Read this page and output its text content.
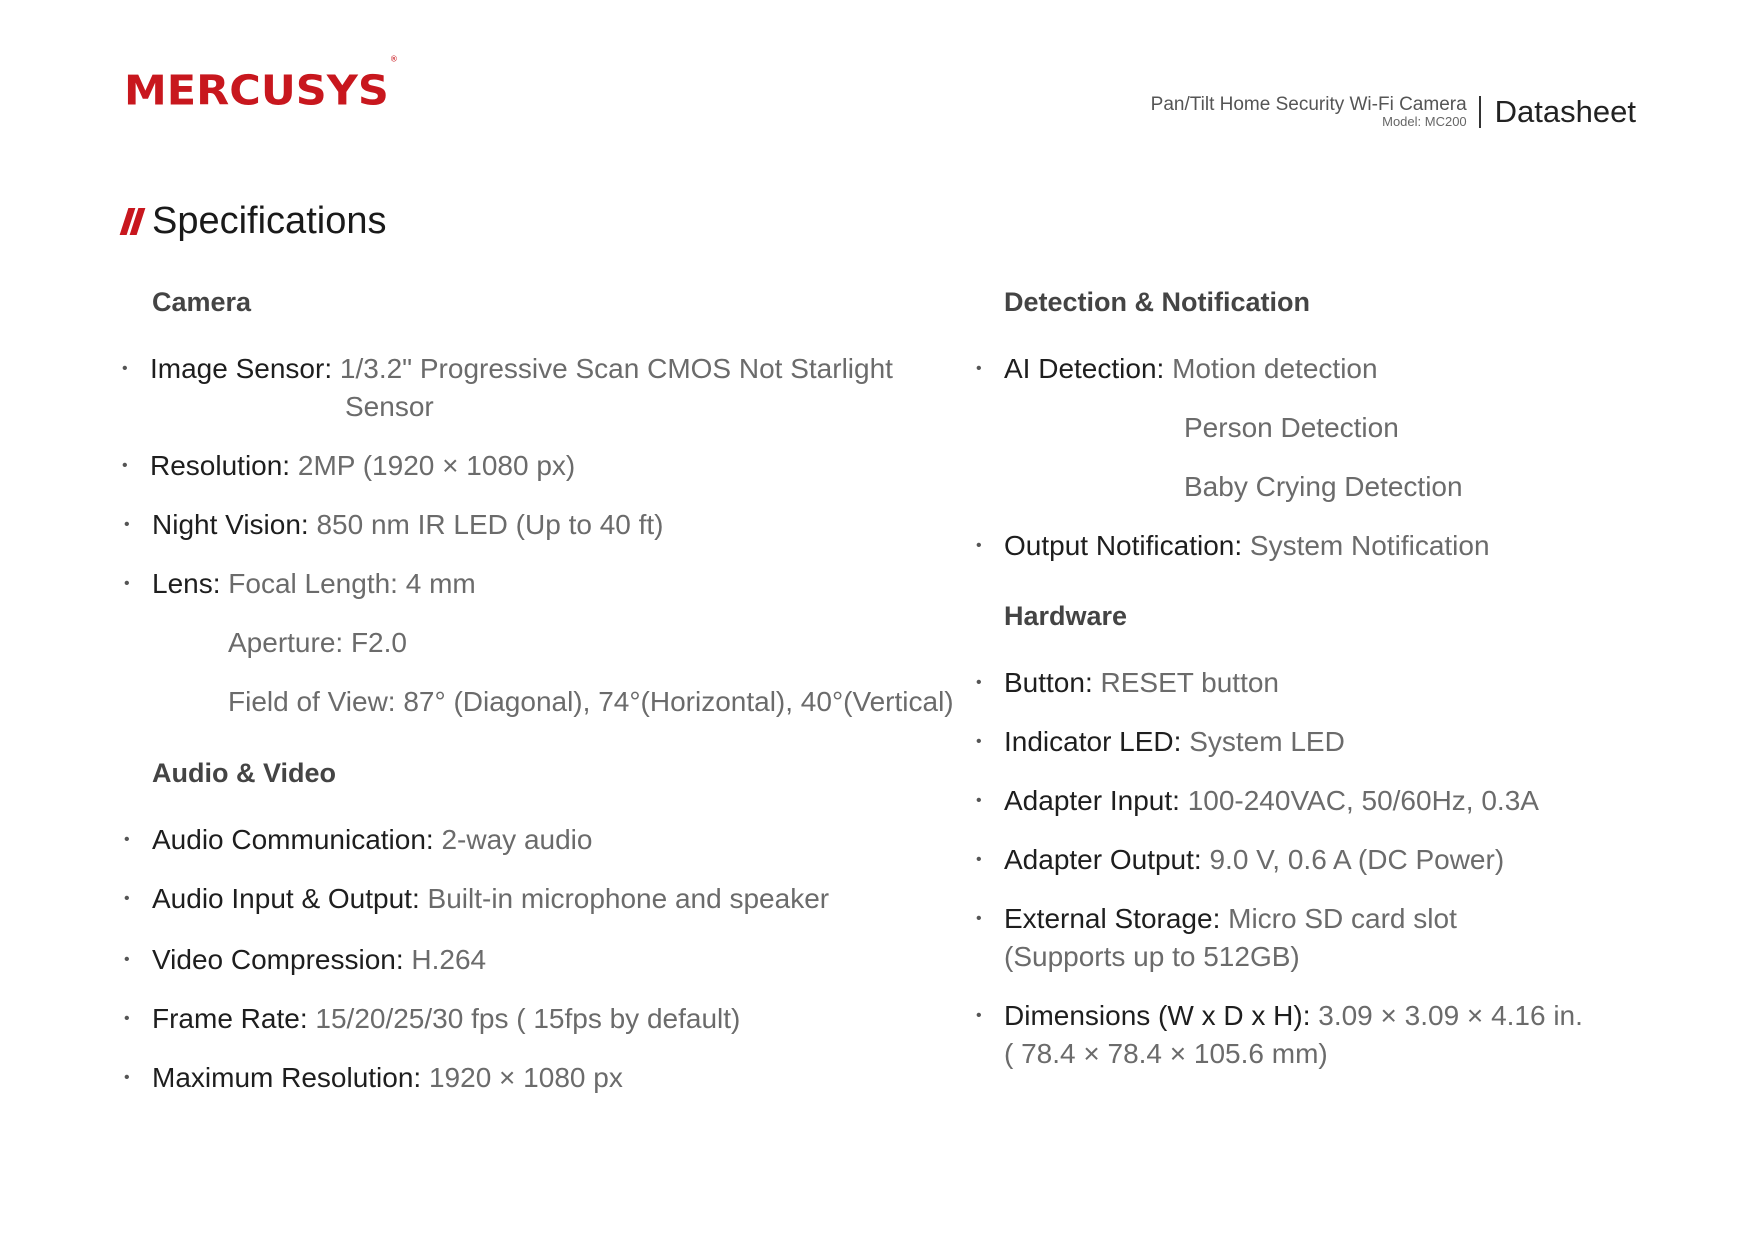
MERCUSYS®
Pan/Tilt Home Security Wi-Fi Camera
Model: MC200 Datasheet
Specifications
Camera
• Image Sensor: 1/3.2" Progressive Scan CMOS Not Starlight
Sensor
• Resolution: 2MP (1920 × 1080 px)
• Night Vision: 850 nm IR LED (Up to 40 ft)
• Lens: Focal Length: 4 mm
Aperture: F2.0
Field of View: 87° (Diagonal), 74°(Horizontal), 40°(Vertical)
Audio & Video
• Audio Communication: 2-way audio
• Audio Input & Output: Built-in microphone and speaker
• Video Compression: H.264
• Frame Rate: 15/20/25/30 fps ( 15fps by default)
• Maximum Resolution: 1920 × 1080 px
Detection & Notification
• AI Detection: Motion detection
Person Detection
Baby Crying Detection
• Output Notification: System Notification
Hardware
• Button: RESET button
• Indicator LED: System LED
• Adapter Input: 100-240VAC, 50/60Hz, 0.3A
• Adapter Output: 9.0 V, 0.6 A (DC Power)
• External Storage: Micro SD card slot
(Supports up to 512GB)
• Dimensions (W x D x H): 3.09 × 3.09 × 4.16 in.
( 78.4 × 78.4 × 105.6 mm)
